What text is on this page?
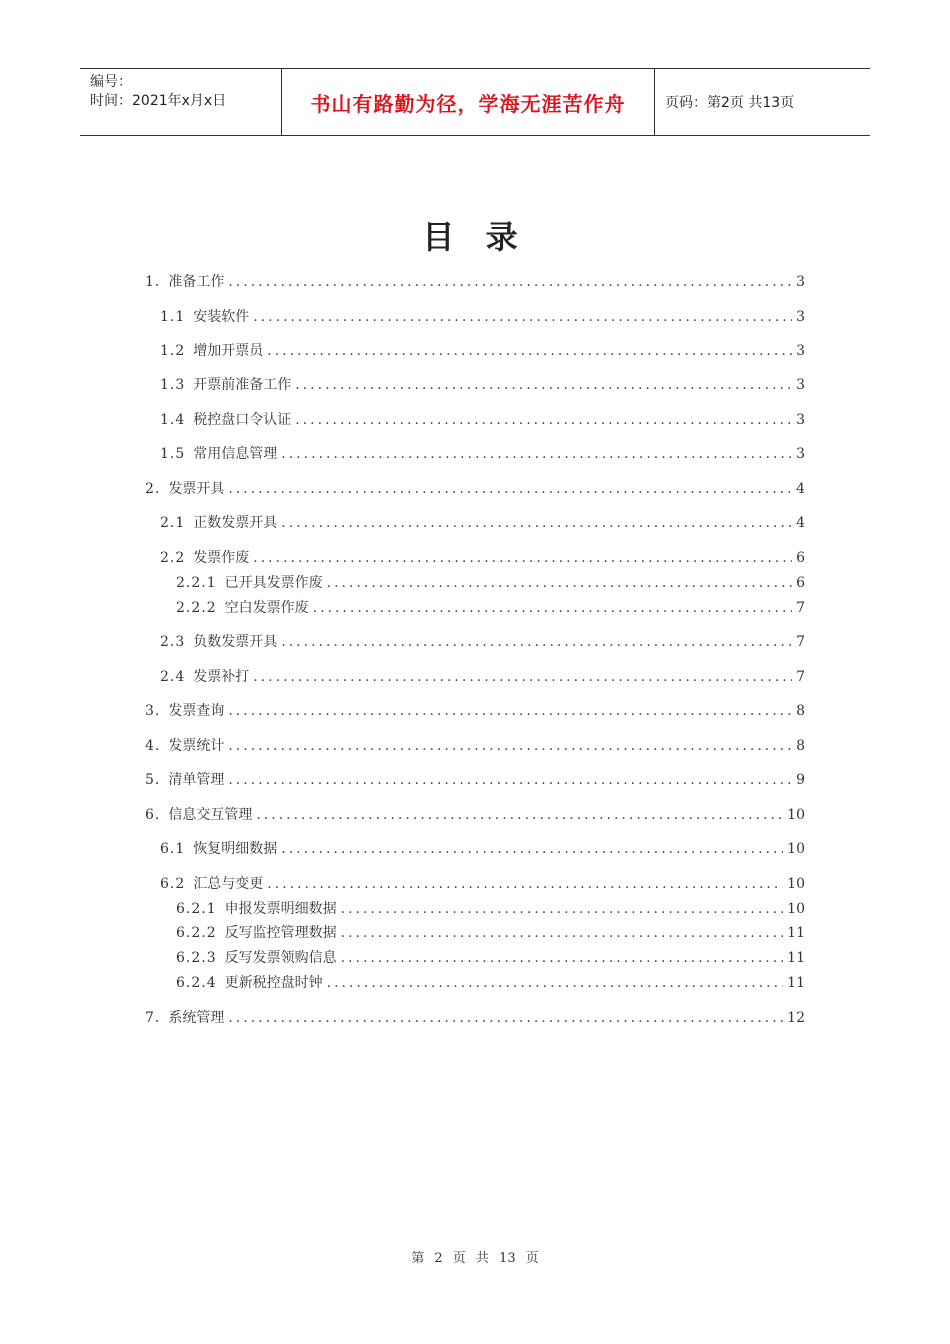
编号：
时间：2021年x月x日	书山有路勤为径，学海无涯苦作舟	页码：第2页 共13页
目 录
1. 准备工作 .....	3
1.1 安装软件 .....	3
1.2 增加开票员 .....	3
1.3 开票前准备工作 .....	3
1.4 税控盘口令认证 .....	3
1.5 常用信息管理 .....	3
2. 发票开具 .....	4
2.1 正数发票开具 .....	4
2.2 发票作废 .....	6
2.2.1 已开具发票作废 .....	6
2.2.2 空白发票作废 .....	7
2.3 负数发票开具 .....	7
2.4 发票补打 .....	7
3. 发票查询 .....	8
4. 发票统计 .....	8
5. 清单管理 .....	9
6. 信息交互管理 .....	10
6.1 恢复明细数据 .....	10
6.2 汇总与变更 .....	10
6.2.1 申报发票明细数据 .....	10
6.2.2 反写监控管理数据 .....	11
6.2.3 反写发票领购信息 .....	11
6.2.4 更新税控盘时钟 .....	11
7. 系统管理 .....	12
第 2 页 共 13 页
